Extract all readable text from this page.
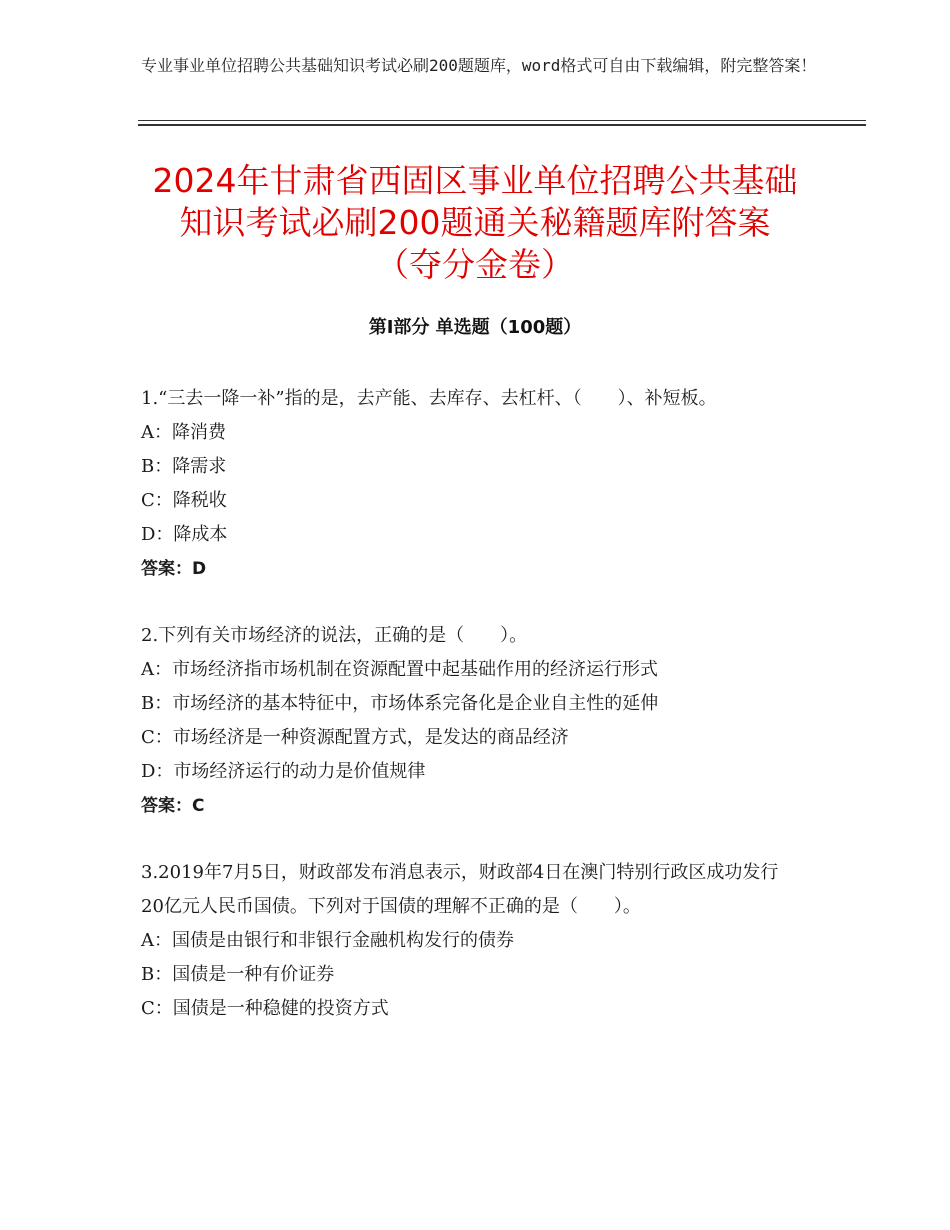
专业事业单位招聘公共基础知识考试必刷200题题库，word格式可自由下载编辑，附完整答案！
2024年甘肃省西固区事业单位招聘公共基础
知识考试必刷200题通关秘籍题库附答案
（夺分金卷）
第Ⅰ部分 单选题（100题）

1.“三去一降一补”指的是，去产能、去库存、去杠杆、（　　）、补短板。

A：降消费

B：降需求

C：降税收

D：降成本

答案：D

2.下列有关市场经济的说法，正确的是（　　）。

A：市场经济指市场机制在资源配置中起基础作用的经济运行形式

B：市场经济的基本特征中，市场体系完备化是企业自主性的延伸

C：市场经济是一种资源配置方式，是发达的商品经济

D：市场经济运行的动力是价值规律

答案：C

3.2019年7月5日，财政部发布消息表示，财政部4日在澳门特别行政区成功发行20亿元人民币国债。下列对于国债的理解不正确的是（　　）。

A：国债是由银行和非银行金融机构发行的债券

B：国债是一种有价证券

C：国债是一种稳健的投资方式
